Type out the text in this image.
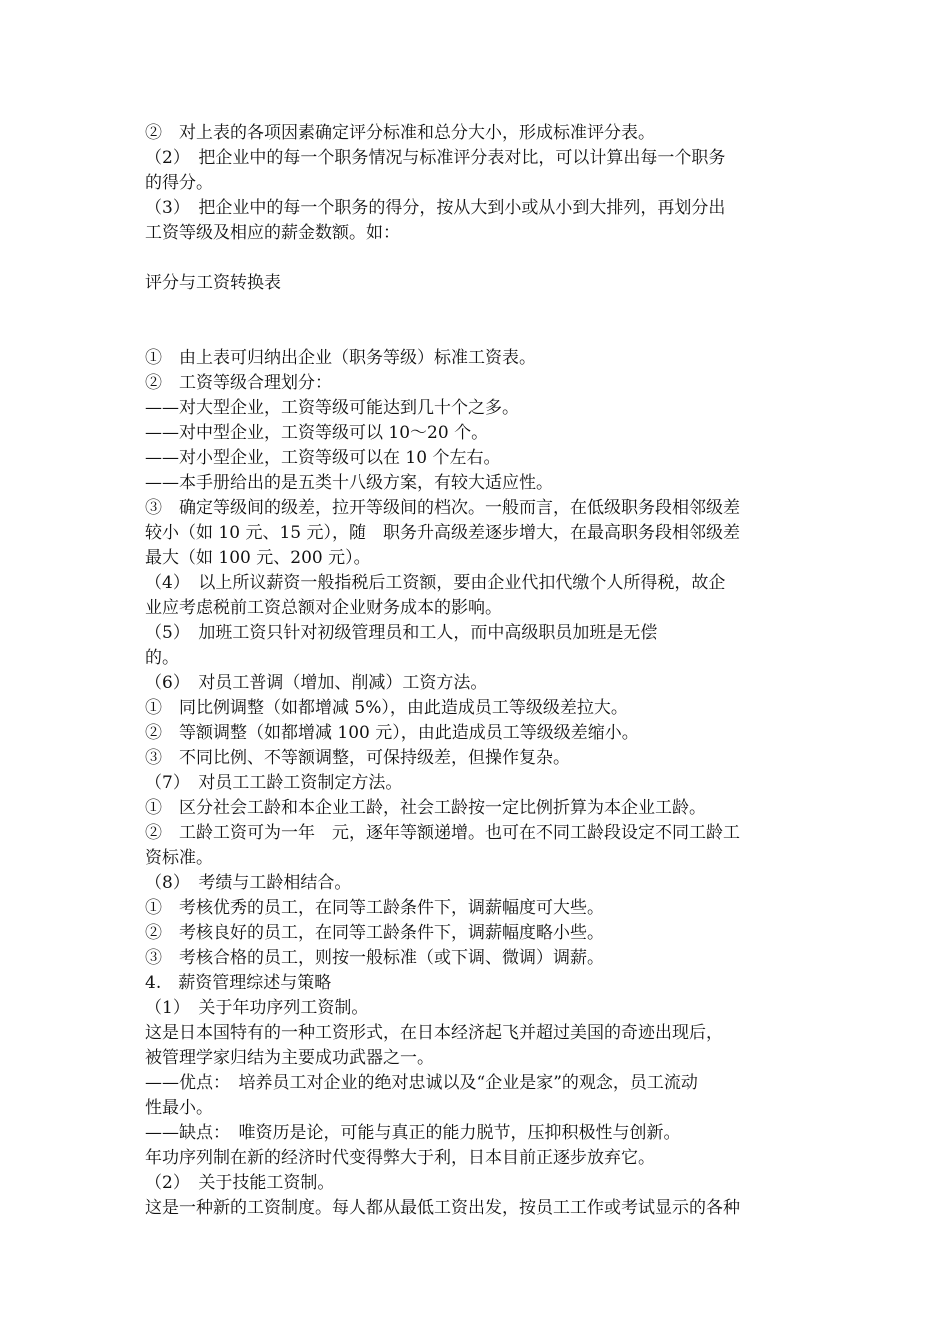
②　对上表的各项因素确定评分标准和总分大小，形成标准评分表。
（2）　把企业中的每一个职务情况与标准评分表对比，可以计算出每一个职务
的得分。
（3）　把企业中的每一个职务的得分，按从大到小或从小到大排列，再划分出
工资等级及相应的薪金数额。如：
评分与工资转换表
①　由上表可归纳出企业（职务等级）标准工资表。
②　工资等级合理划分：
——对大型企业，工资等级可能达到几十个之多。
——对中型企业，工资等级可以 10～20 个。
——对小型企业，工资等级可以在 10 个左右。
——本手册给出的是五类十八级方案，有较大适应性。
③　确定等级间的级差，拉开等级间的档次。一般而言，在低级职务段相邻级差
较小（如 10 元、15 元），随　职务升高级差逐步增大，在最高职务段相邻级差
最大（如 100 元、200 元）。
（4）　以上所议薪资一般指税后工资额，要由企业代扣代缴个人所得税，故企
业应考虑税前工资总额对企业财务成本的影响。
（5）　加班工资只针对初级管理员和工人，而中高级职员加班是无偿
的。
（6）　对员工普调（增加、削减）工资方法。
①　同比例调整（如都增减 5%），由此造成员工等级级差拉大。
②　等额调整（如都增减 100 元），由此造成员工等级级差缩小。
③　不同比例、不等额调整，可保持级差，但操作复杂。
（7）　对员工工龄工资制定方法。
①　区分社会工龄和本企业工龄，社会工龄按一定比例折算为本企业工龄。
②　工龄工资可为一年　元，逐年等额递增。也可在不同工龄段设定不同工龄工
资标准。
（8）　考绩与工龄相结合。
①　考核优秀的员工，在同等工龄条件下，调薪幅度可大些。
②　考核良好的员工，在同等工龄条件下，调薪幅度略小些。
③　考核合格的员工，则按一般标准（或下调、微调）调薪。
4.　薪资管理综述与策略
（1）　关于年功序列工资制。
这是日本国特有的一种工资形式，在日本经济起飞并超过美国的奇迹出现后，
被管理学家归结为主要成功武器之一。
——优点：　培养员工对企业的绝对忠诚以及“企业是家”的观念，员工流动
性最小。
——缺点：　唯资历是论，可能与真正的能力脱节，压抑积极性与创新。
年功序列制在新的经济时代变得弊大于利，日本目前正逐步放弃它。
（2）　关于技能工资制。
这是一种新的工资制度。每人都从最低工资出发，按员工工作或考试显示的各种
